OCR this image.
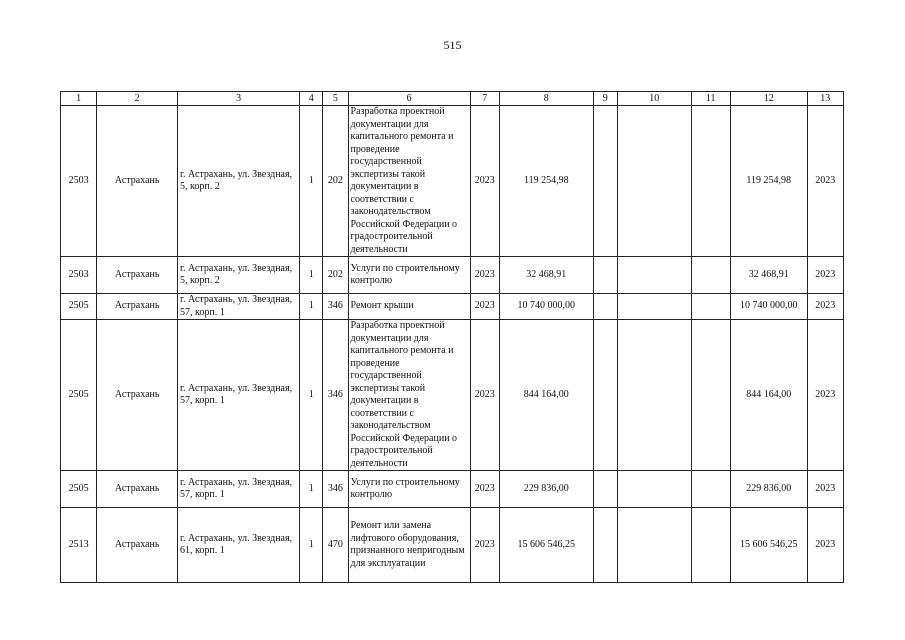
515
1	2	3	4	5	6	7	8	9	10	11	12	13
2503	Астрахань	г. Астрахань, ул. Звездная, 5, корп. 2	1	202	Разработка проектной документации для капитального ремонта и проведение государственной экспертизы такой документации в соответствии с законодательством Российской Федерации о градостроительной деятельности	2023	119 254,98				119 254,98	2023
2503	Астрахань	г. Астрахань, ул. Звездная, 5, корп. 2	1	202	Услуги по строительному контролю	2023	32 468,91				32 468,91	2023
2505	Астрахань	г. Астрахань, ул. Звездная, 57, корп. 1	1	346	Ремонт крыши	2023	10 740 000,00				10 740 000,00	2023
2505	Астрахань	г. Астрахань, ул. Звездная, 57, корп. 1	1	346	Разработка проектной документации для капитального ремонта и проведение государственной экспертизы такой документации в соответствии с законодательством Российской Федерации о градостроительной деятельности	2023	844 164,00				844 164,00	2023
2505	Астрахань	г. Астрахань, ул. Звездная, 57, корп. 1	1	346	Услуги по строительному контролю	2023	229 836,00				229 836,00	2023
2513	Астрахань	г. Астрахань, ул. Звездная, 61, корп. 1	1	470	Ремонт или замена лифтового оборудования, признанного непригодным для эксплуатации	2023	15 606 546,25				15 606 546,25	2023
